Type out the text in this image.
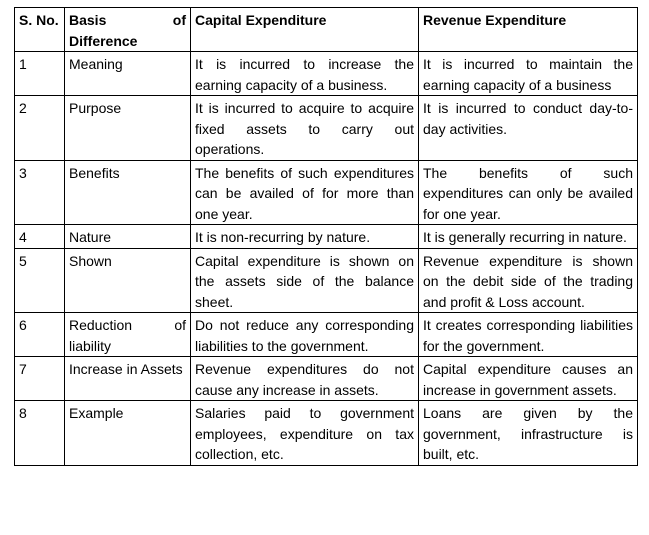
S. No.	Basis of Difference	Capital Expenditure	Revenue Expenditure
1	Meaning	It is incurred to increase the earning capacity of a business.	It is incurred to maintain the earning capacity of a business
2	Purpose	It is incurred to acquire to acquire fixed assets to carry out operations.	It is incurred to conduct day-to-day activities.
3	Benefits	The benefits of such expenditures can be availed of for more than one year.	The benefits of such expenditures can only be availed for one year.
4	Nature	It is non-recurring by nature.	It is generally recurring in nature.
5	Shown	Capital expenditure is shown on the assets side of the balance sheet.	Revenue expenditure is shown on the debit side of the trading and profit & Loss account.
6	Reduction of liability	Do not reduce any corresponding liabilities to the government.	It creates corresponding liabilities for the government.
7	Increase in Assets	Revenue expenditures do not cause any increase in assets.	Capital expenditure causes an increase in government assets.
8	Example	Salaries paid to government employees, expenditure on tax collection, etc.	Loans are given by the government, infrastructure is built, etc.
